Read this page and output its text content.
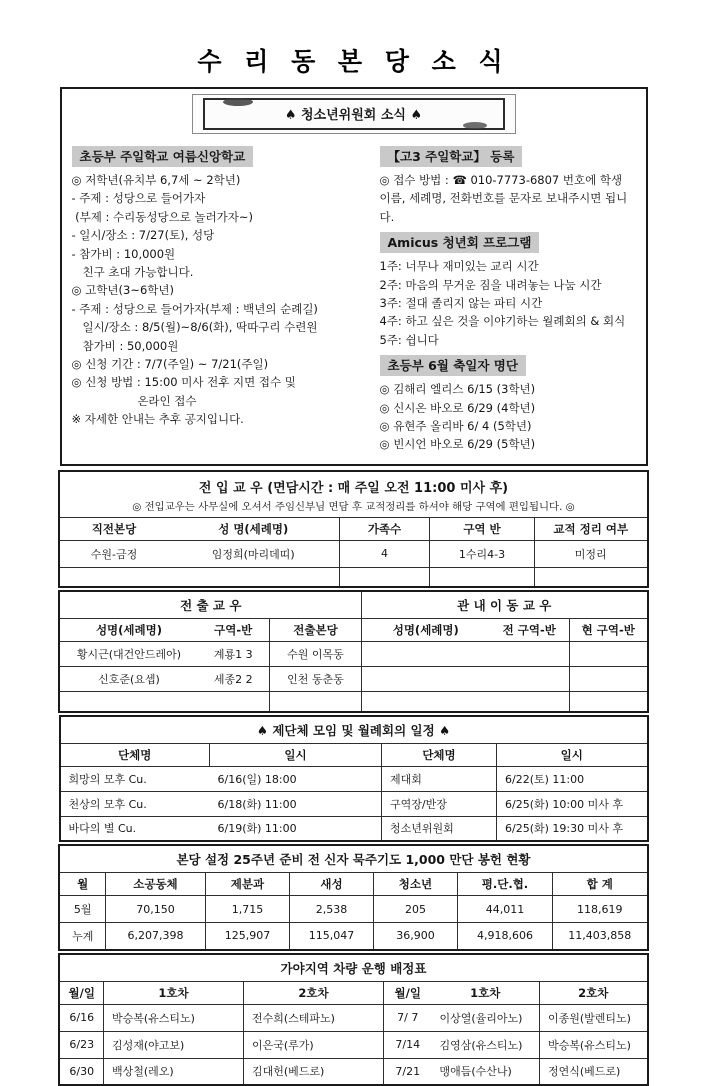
수 리 동 본 당 소 식
♠ 청소년위원회 소식 ♠
초등부 주일학교 여름신앙학교
◎ 저학년(유치부 6,7세 ~ 2학년)
- 주제 : 성당으로 들어가자
(부제 : 수리동성당으로 놀러가자~)
- 일시/장소 : 7/27(토), 성당
- 참가비 : 10,000원
친구 초대 가능합니다.
◎ 고학년(3~6학년)
- 주제 : 성당으로 들어가자(부제 : 백년의 순례길)
일시/장소 : 8/5(월)~8/6(화), 딱따구리 수련원
참가비 : 50,000원
◎ 신청 기간 : 7/7(주일) ~ 7/21(주일)
◎ 신청 방법 : 15:00 미사 전후 지면 접수 및
온라인 접수
※ 자세한 안내는 추후 공지입니다.
【고3 주일학교】 등록

◎ 접수 방법 : ☎ 010-7773-6807 번호에 학생 이름, 세례명, 전화번호를 문자로 보내주시면 됩니다.

Amicus 청년회 프로그램
1주: 너무나 재미있는 교리 시간
2주: 마음의 무거운 짐을 내려놓는 나눔 시간
3주: 절대 졸리지 않는 파티 시간
4주: 하고 싶은 것을 이야기하는 월례회의 & 회식
5주: 쉽니다
초등부 6월 축일자 명단
◎ 김해리 엘리스 6/15 (3학년)
◎ 신시온 바오로 6/29 (4학년)
◎ 유현주 올리바 6/ 4 (5학년)
◎ 빈시언 바오로 6/29 (5학년)
전 입 교 우 (면담시간 : 매 주일 오전 11:00 미사 후)				
◎ 전입교우는 사무실에 오셔서 주임신부님 면담 후 교적정리를 하셔야 해당 구역에 편입됩니다. ◎				
직전본당	성 명(세례명)	가족수	구역 반	교적 정리 여부
수원-금정	임정희(마리데띠)	4	1수리4-3	미정리

전 출 교 우			관 내 이 동 교 우		
성명(세례명)	구역-반	전출본당	성명(세례명)	전 구역-반	현 구역-반
황시근(대건안드레아)	계룡1 3	수원 이목동			
신호준(요셉)	세종2 2	인천 동춘동			

♠ 제단체 모임 및 월례회의 일정 ♠			
단체명	일시	단체명	일시
희망의 모후 Cu.	6/16(일) 18:00	제대회	6/22(토) 11:00
천상의 모후 Cu.	6/18(화) 11:00	구역장/반장	6/25(화) 10:00 미사 후
바다의 별 Cu.	6/19(화) 11:00	청소년위원회	6/25(화) 19:30 미사 후
본당 설정 25주년 준비 전 신자 묵주기도 1,000 만단 봉헌 현황						
월	소공동체	제분과	새성	청소년	평.단.협.	합 계
5월	70,150	1,715	2,538	205	44,011	118,619
누계	6,207,398	125,907	115,047	36,900	4,918,606	11,403,858
가야지역 차량 운행 배정표					
월/일	1호차	2호차	월/일	1호차	2호차
6/16	박승복(유스티노)	전수희(스테파노)	7/ 7	이상열(율리아노)	이종원(발렌티노)
6/23	김성재(야고보)	이은국(루가)	7/14	김영삼(유스티노)	박승복(유스티노)
6/30	백상철(레오)	김대헌(베드로)	7/21	맹애듬(수산나)	정연식(베드로)
